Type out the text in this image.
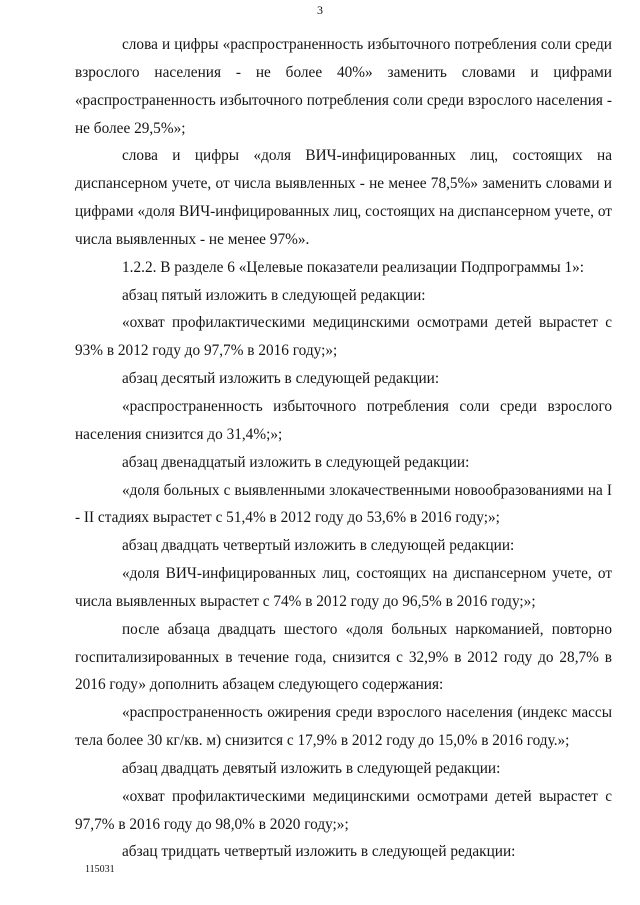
3

слова и цифры «распространенность избыточного потребления соли среди взрослого населения - не более 40%» заменить словами и цифрами «распространенность избыточного потребления соли среди взрослого населения - не более 29,5%»;

слова и цифры «доля ВИЧ-инфицированных лиц, состоящих на диспансерном учете, от числа выявленных - не менее 78,5%» заменить словами и цифрами «доля ВИЧ-инфицированных лиц, состоящих на диспансерном учете, от числа выявленных - не менее 97%».

1.2.2. В разделе 6 «Целевые показатели реализации Подпрограммы 1»:

абзац пятый изложить в следующей редакции:

«охват профилактическими медицинскими осмотрами детей вырастет с 93% в 2012 году до 97,7% в 2016 году;»;

абзац десятый изложить в следующей редакции:

«распространенность избыточного потребления соли среди взрослого населения снизится до 31,4%;»;

абзац двенадцатый изложить в следующей редакции:

«доля больных с выявленными злокачественными новообразованиями на I - II стадиях вырастет с 51,4% в 2012 году до 53,6% в 2016 году;»;

абзац двадцать четвертый изложить в следующей редакции:

«доля ВИЧ-инфицированных лиц, состоящих на диспансерном учете, от числа выявленных вырастет с 74% в 2012 году до 96,5% в 2016 году;»;

после абзаца двадцать шестого «доля больных наркоманией, повторно госпитализированных в течение года, снизится с 32,9% в 2012 году до 28,7% в 2016 году» дополнить абзацем следующего содержания:

«распространенность ожирения среди взрослого населения (индекс массы тела более 30 кг/кв. м) снизится с 17,9% в 2012 году до 15,0% в 2016 году.»;

абзац двадцать девятый изложить в следующей редакции:

«охват профилактическими медицинскими осмотрами детей вырастет с 97,7% в 2016 году до 98,0% в 2020 году;»;

абзац тридцать четвертый изложить в следующей редакции:

115031
